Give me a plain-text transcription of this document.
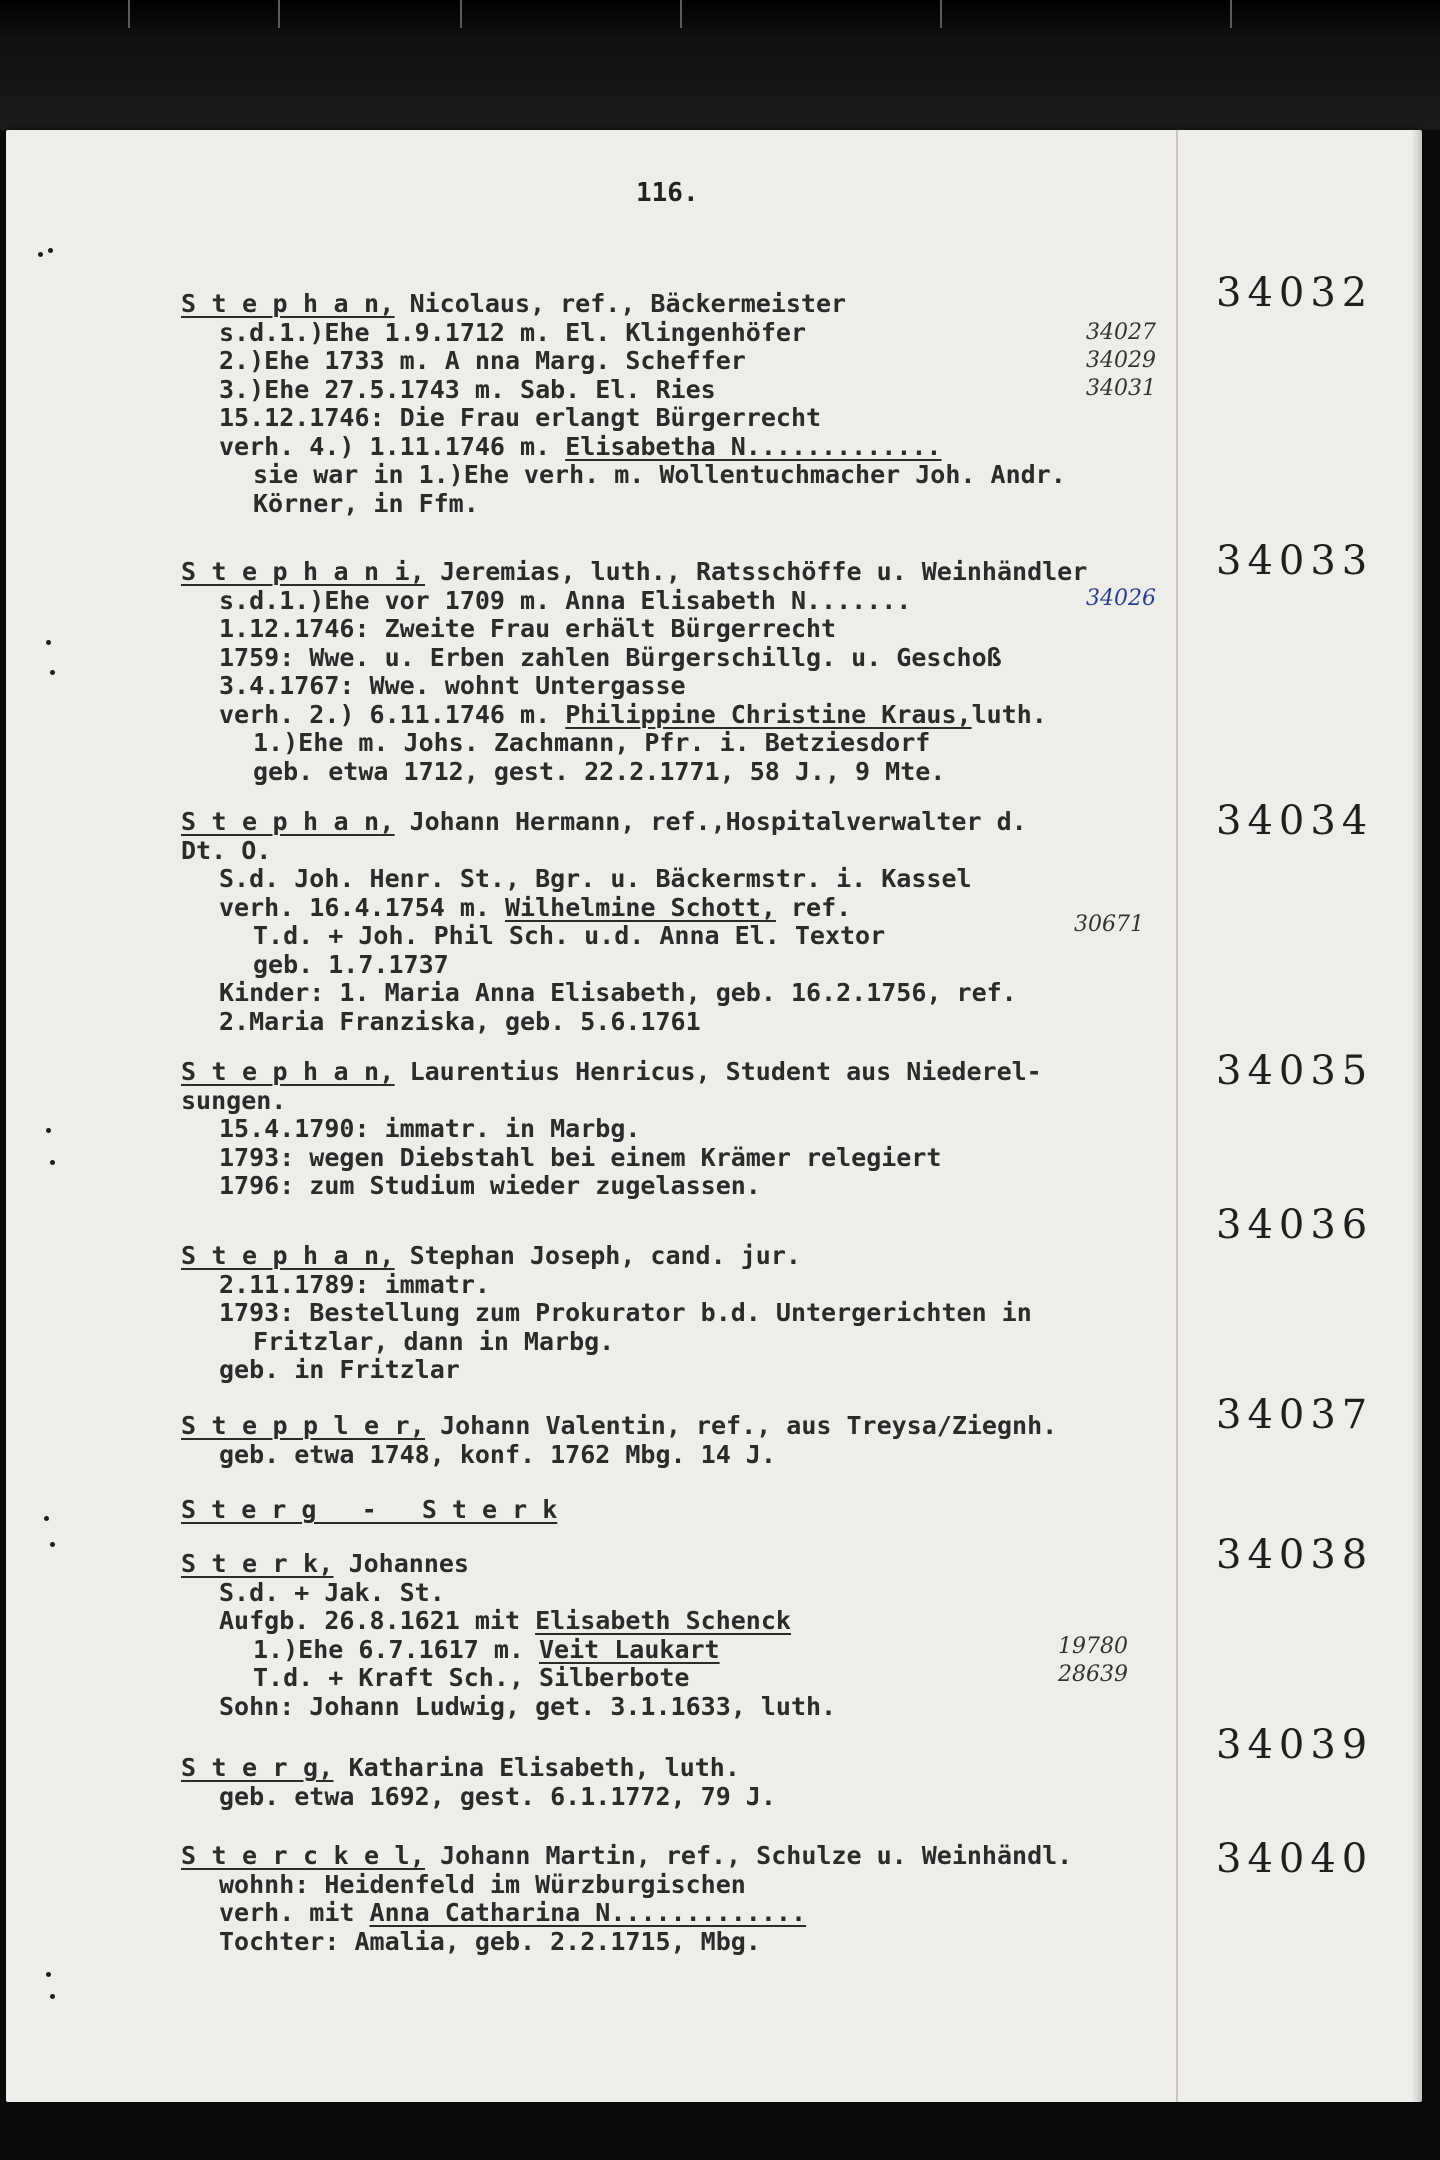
116.
S t e p h a n, Nicolaus, ref., Bäckermeister
s.d.1.)Ehe 1.9.1712 m. El. Klingenhöfer
2.)Ehe 1733 m. A nna Marg. Scheffer
3.)Ehe 27.5.1743 m. Sab. El. Ries
15.12.1746: Die Frau erlangt Bürgerrecht
verh. 4.) 1.11.1746 m. Elisabetha N.............
sie war in 1.)Ehe verh. m. Wollentuchmacher Joh. Andr.
Körner, in Ffm.
34032
34027
34029
34031
S t e p h a n i, Jeremias, luth., Ratsschöffe u. Weinhändler
s.d.1.)Ehe vor 1709 m. Anna Elisabeth N.......
1.12.1746: Zweite Frau erhält Bürgerrecht
1759: Wwe. u. Erben zahlen Bürgerschillg. u. Geschoß
3.4.1767: Wwe. wohnt Untergasse
verh. 2.) 6.11.1746 m. Philippine Christine Kraus,luth.
1.)Ehe m. Johs. Zachmann, Pfr. i. Betziesdorf
geb. etwa 1712, gest. 22.2.1771, 58 J., 9 Mte.
34033
34026
S t e p h a n, Johann Hermann, ref.,Hospitalverwalter d.
Dt. O.
S.d. Joh. Henr. St., Bgr. u. Bäckermstr. i. Kassel
verh. 16.4.1754 m. Wilhelmine Schott, ref.
T.d. + Joh. Phil Sch. u.d. Anna El. Textor
geb. 1.7.1737
Kinder: 1. Maria Anna Elisabeth, geb. 16.2.1756, ref.
2.Maria Franziska, geb. 5.6.1761
34034
30671
S t e p h a n, Laurentius Henricus, Student aus Niederel-
sungen.
15.4.1790: immatr. in Marbg.
1793: wegen Diebstahl bei einem Krämer relegiert
1796: zum Studium wieder zugelassen.
34035
S t e p h a n, Stephan Joseph, cand. jur.
2.11.1789: immatr.
1793: Bestellung zum Prokurator b.d. Untergerichten in
Fritzlar, dann in Marbg.
geb. in Fritzlar
34036
S t e p p l e r, Johann Valentin, ref., aus Treysa/Ziegnh.
geb. etwa 1748, konf. 1762 Mbg. 14 J.
34037
S t e r g   -   S t e r k
S t e r k, Johannes
S.d. + Jak. St.
Aufgb. 26.8.1621 mit Elisabeth Schenck
1.)Ehe 6.7.1617 m. Veit Laukart
T.d. + Kraft Sch., Silberbote
Sohn: Johann Ludwig, get. 3.1.1633, luth.
34038
19780
28639
S t e r g, Katharina Elisabeth, luth.
geb. etwa 1692, gest. 6.1.1772, 79 J.
34039
S t e r c k e l, Johann Martin, ref., Schulze u. Weinhändl.
wohnh: Heidenfeld im Würzburgischen
verh. mit Anna Catharina N.............
Tochter: Amalia, geb. 2.2.1715, Mbg.
34040
